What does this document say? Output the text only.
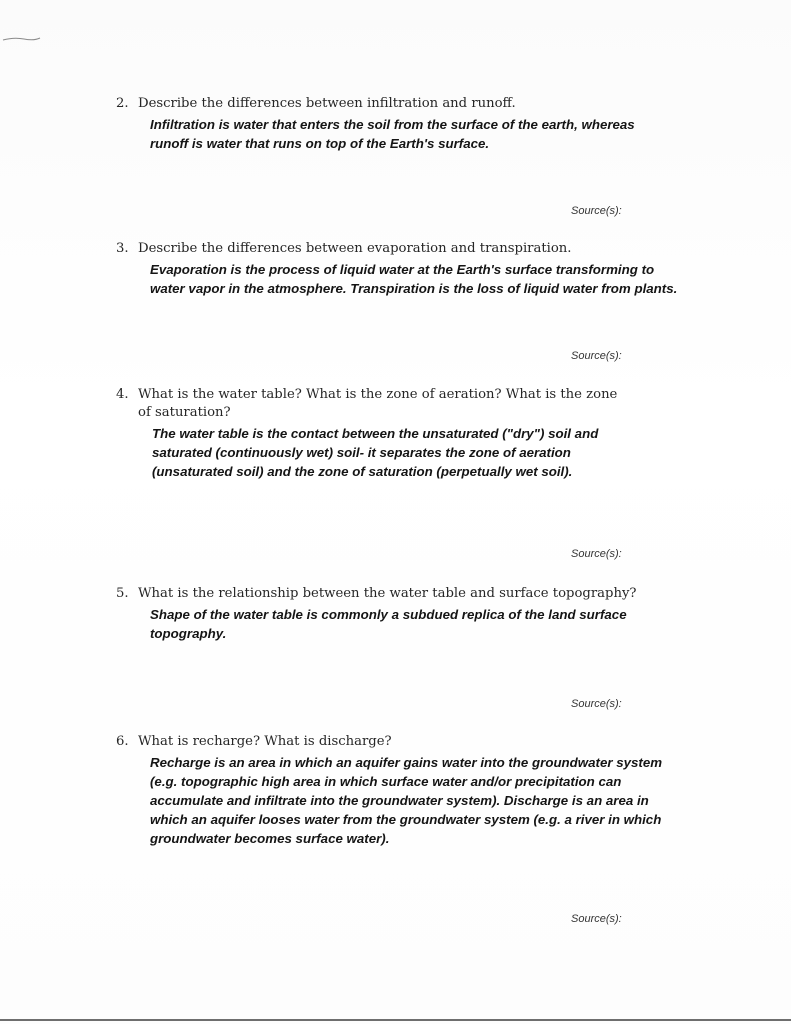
2. Describe the differences between infiltration and runoff.
Infiltration is water that enters the soil from the surface of the earth, whereas runoff is water that runs on top of the Earth's surface.
Source(s):
3. Describe the differences between evaporation and transpiration.
Evaporation is the process of liquid water at the Earth's surface transforming to water vapor in the atmosphere. Transpiration is the loss of liquid water from plants.
Source(s):
4. What is the water table? What is the zone of aeration? What is the zone of saturation?
The water table is the contact between the unsaturated ("dry") soil and saturated (continuously wet) soil- it separates the zone of aeration (unsaturated soil) and the zone of saturation (perpetually wet soil).
Source(s):
5. What is the relationship between the water table and surface topography?
Shape of the water table is commonly a subdued replica of the land surface topography.
Source(s):
6. What is recharge? What is discharge?
Recharge is an area in which an aquifer gains water into the groundwater system (e.g. topographic high area in which surface water and/or precipitation can accumulate and infiltrate into the groundwater system). Discharge is an area in which an aquifer looses water from the groundwater system (e.g. a river in which groundwater becomes surface water).
Source(s):
